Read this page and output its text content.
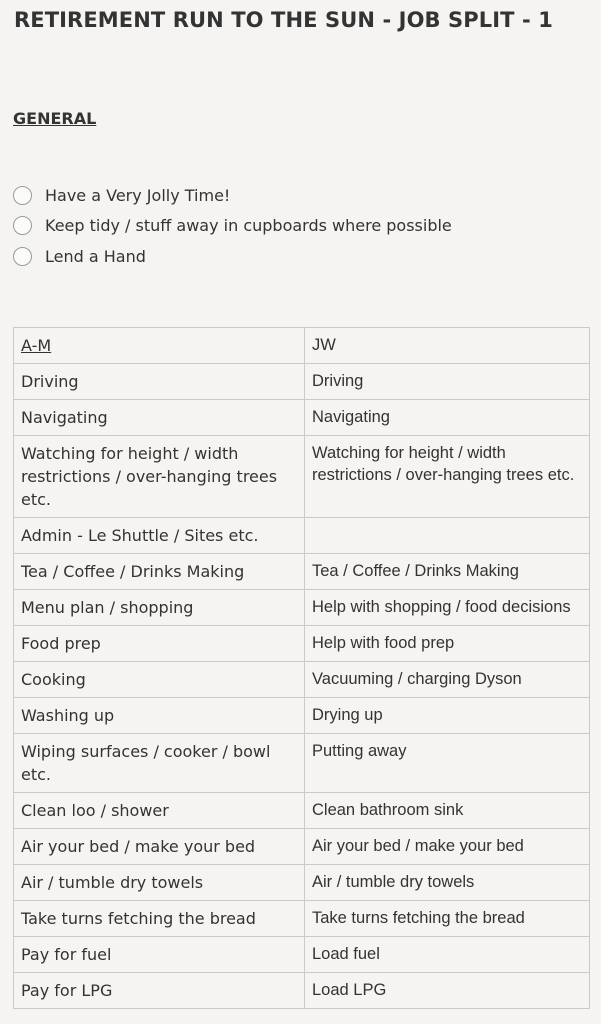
RETIREMENT RUN TO THE SUN - JOB SPLIT - 1
GENERAL
Have a Very Jolly Time!
Keep tidy / stuff away in cupboards where possible
Lend a Hand
A-M	JW
Driving	Driving
Navigating	Navigating
Watching for height / width restrictions / over-hanging trees etc.	Watching for height / width restrictions / over-hanging trees etc.
Admin - Le Shuttle / Sites etc.	
Tea / Coffee / Drinks Making	Tea / Coffee / Drinks Making
Menu plan / shopping	Help with shopping / food decisions
Food prep	Help with food prep
Cooking	Vacuuming / charging Dyson
Washing up	Drying up
Wiping surfaces / cooker / bowl etc.	Putting away
Clean loo / shower	Clean bathroom sink
Air your bed / make your bed	Air your bed / make your bed
Air / tumble dry towels	Air / tumble dry towels
Take turns fetching the bread	Take turns fetching the bread
Pay for fuel	Load fuel
Pay for LPG	Load LPG
